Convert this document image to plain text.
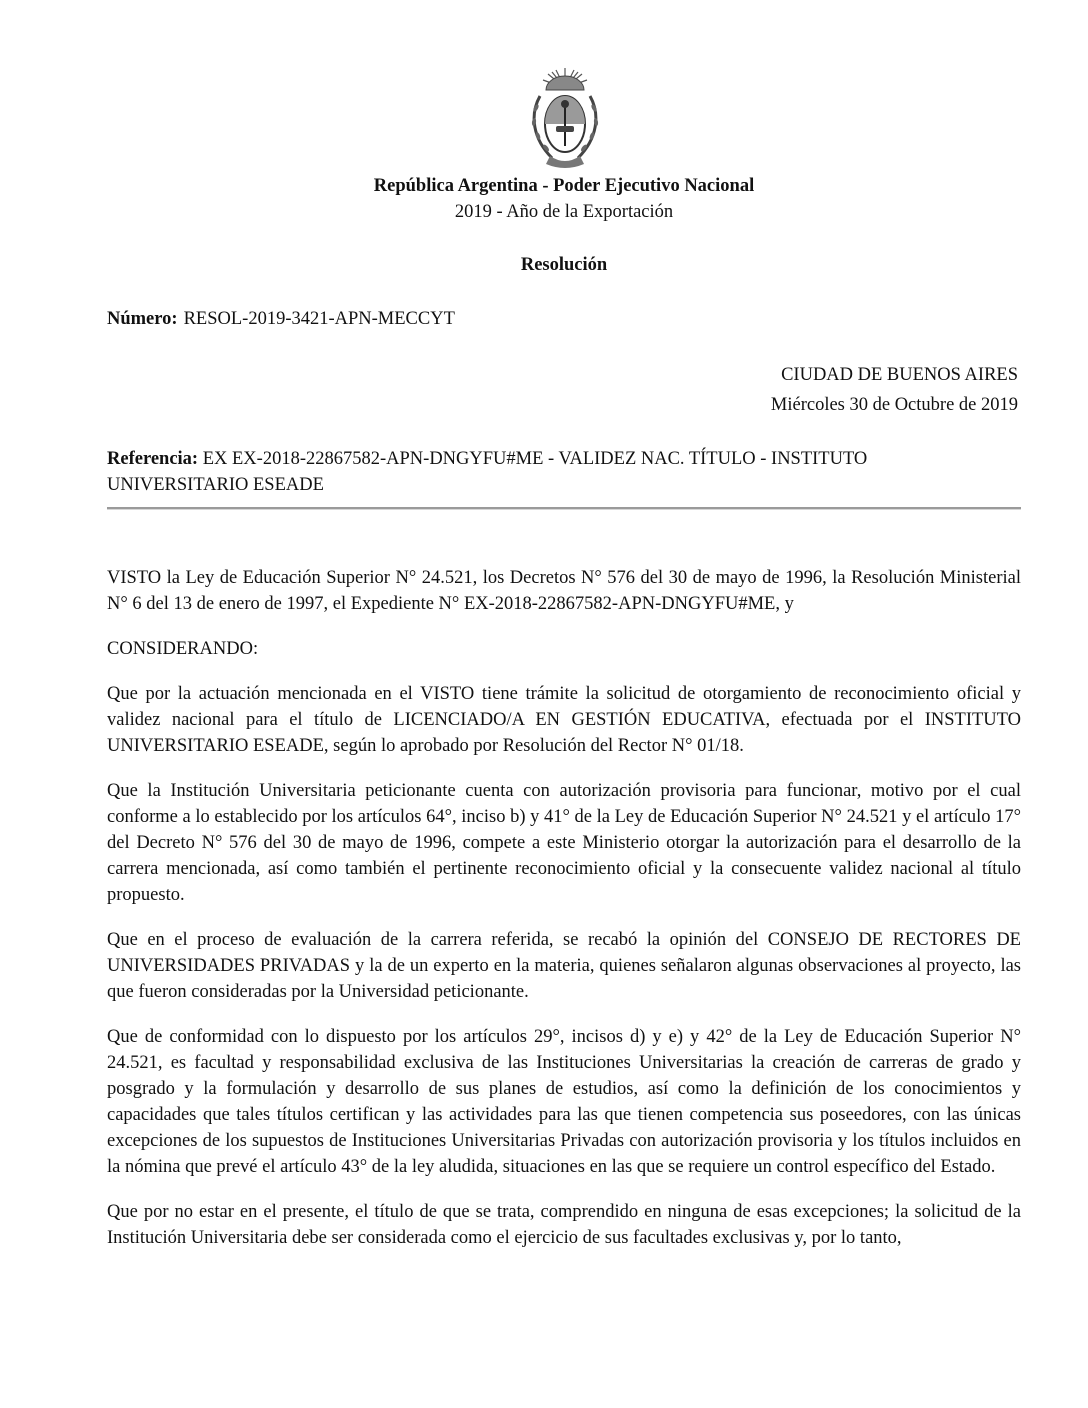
República Argentina - Poder Ejecutivo Nacional
2019 - Año de la Exportación
Resolución
Número: RESOL-2019-3421-APN-MECCYT
CIUDAD DE BUENOS AIRES
Miércoles 30 de Octubre de 2019
Referencia: EX EX-2018-22867582-APN-DNGYFU#ME - VALIDEZ NAC. TÍTULO - INSTITUTO UNIVERSITARIO ESEADE

VISTO la Ley de Educación Superior N° 24.521, los Decretos N° 576 del 30 de mayo de 1996, la Resolución Ministerial N° 6 del 13 de enero de 1997, el Expediente N° EX-2018-22867582-APN-DNGYFU#ME, y

CONSIDERANDO:

Que por la actuación mencionada en el VISTO tiene trámite la solicitud de otorgamiento de reconocimiento oficial y validez nacional para el título de LICENCIADO/A EN GESTIÓN EDUCATIVA, efectuada por el INSTITUTO UNIVERSITARIO ESEADE, según lo aprobado por Resolución del Rector N° 01/18.

Que la Institución Universitaria peticionante cuenta con autorización provisoria para funcionar, motivo por el cual conforme a lo establecido por los artículos 64°, inciso b) y 41° de la Ley de Educación Superior N° 24.521 y el artículo 17° del Decreto N° 576 del 30 de mayo de 1996, compete a este Ministerio otorgar la autorización para el desarrollo de la carrera mencionada, así como también el pertinente reconocimiento oficial y la consecuente validez nacional al título propuesto.

Que en el proceso de evaluación de la carrera referida, se recabó la opinión del CONSEJO DE RECTORES DE UNIVERSIDADES PRIVADAS y la de un experto en la materia, quienes señalaron algunas observaciones al proyecto, las que fueron consideradas por la Universidad peticionante.

Que de conformidad con lo dispuesto por los artículos 29°, incisos d) y e) y 42° de la Ley de Educación Superior N° 24.521, es facultad y responsabilidad exclusiva de las Instituciones Universitarias la creación de carreras de grado y posgrado y la formulación y desarrollo de sus planes de estudios, así como la definición de los conocimientos y capacidades que tales títulos certifican y las actividades para las que tienen competencia sus poseedores, con las únicas excepciones de los supuestos de Instituciones Universitarias Privadas con autorización provisoria y los títulos incluidos en la nómina que prevé el artículo 43° de la ley aludida, situaciones en las que se requiere un control específico del Estado.

Que por no estar en el presente, el título de que se trata, comprendido en ninguna de esas excepciones; la solicitud de la Institución Universitaria debe ser considerada como el ejercicio de sus facultades exclusivas y, por lo tanto,
